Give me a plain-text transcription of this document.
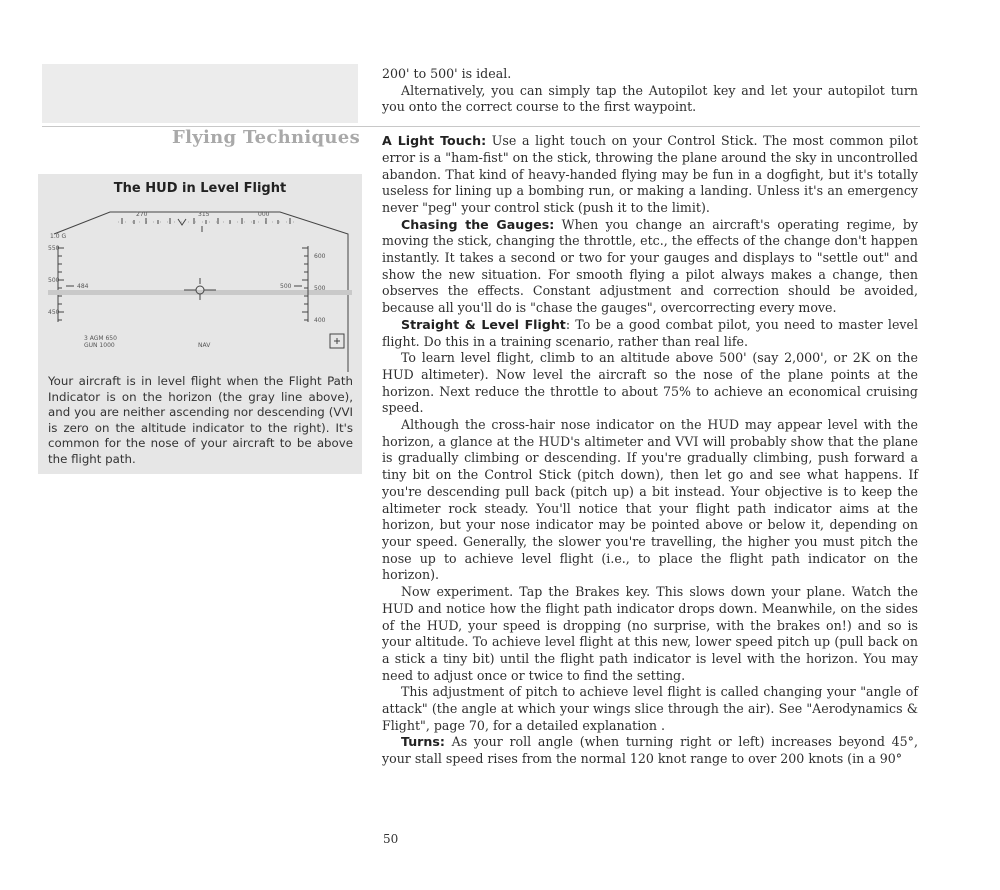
Flying Techniques
The HUD in Level Flight
270	315	000
1.0 G
550
500
450
484
600
500
400
500
3 AGM 650
GUN 1000	NAV
Your aircraft is in level flight when the Flight Path Indicator is on the horizon (the gray line above), and you are neither ascending nor descending (VVI is zero on the altitude indicator to the right). It's common for the nose of your aircraft to be above the flight path.

200' to 500' is ideal.

Alternatively, you can simply tap the Autopilot key and let your autopilot turn you onto the correct course to the first waypoint.

A Light Touch: Use a light touch on your Control Stick. The most common pilot error is a "ham-fist" on the stick, throwing the plane around the sky in uncontrolled abandon. That kind of heavy-handed flying may be fun in a dogfight, but it's totally useless for lining up a bombing run, or making a landing. Unless it's an emergency never "peg" your control stick (push it to the limit).

Chasing the Gauges: When you change an aircraft's operating regime, by moving the stick, changing the throttle, etc., the effects of the change don't happen instantly. It takes a second or two for your gauges and displays to "settle out" and show the new situation. For smooth flying a pilot always makes a change, then observes the effects. Constant adjustment and correction should be avoided, because all you'll do is "chase the gauges", overcorrecting every move.

Straight & Level Flight: To be a good combat pilot, you need to master level flight. Do this in a training scenario, rather than real life.

To learn level flight, climb to an altitude above 500' (say 2,000', or 2K on the HUD altimeter). Now level the aircraft so the nose of the plane points at the horizon. Next reduce the throttle to about 75% to achieve an economical cruising speed.

Although the cross-hair nose indicator on the HUD may appear level with the horizon, a glance at the HUD's altimeter and VVI will probably show that the plane is gradually climbing or descending. If you're gradually climbing, push forward a tiny bit on the Control Stick (pitch down), then let go and see what happens. If you're descending pull back (pitch up) a bit instead. Your objective is to keep the altimeter rock steady. You'll notice that your flight path indicator aims at the horizon, but your nose indicator may be pointed above or below it, depending on your speed. Generally, the slower you're travelling, the higher you must pitch the nose up to achieve level flight (i.e., to place the flight path indicator on the horizon).

Now experiment. Tap the Brakes key. This slows down your plane. Watch the HUD and notice how the flight path indicator drops down. Meanwhile, on the sides of the HUD, your speed is dropping (no surprise, with the brakes on!) and so is your altitude. To achieve level flight at this new, lower speed pitch up (pull back on a stick a tiny bit) until the flight path indicator is level with the horizon. You may need to adjust once or twice to find the setting.

This adjustment of pitch to achieve level flight is called changing your "angle of attack" (the angle at which your wings slice through the air). See "Aerodynamics & Flight", page 70, for a detailed explanation .

Turns: As your roll angle (when turning right or left) increases beyond 45°, your stall speed rises from the normal 120 knot range to over 200 knots (in a 90°

50
